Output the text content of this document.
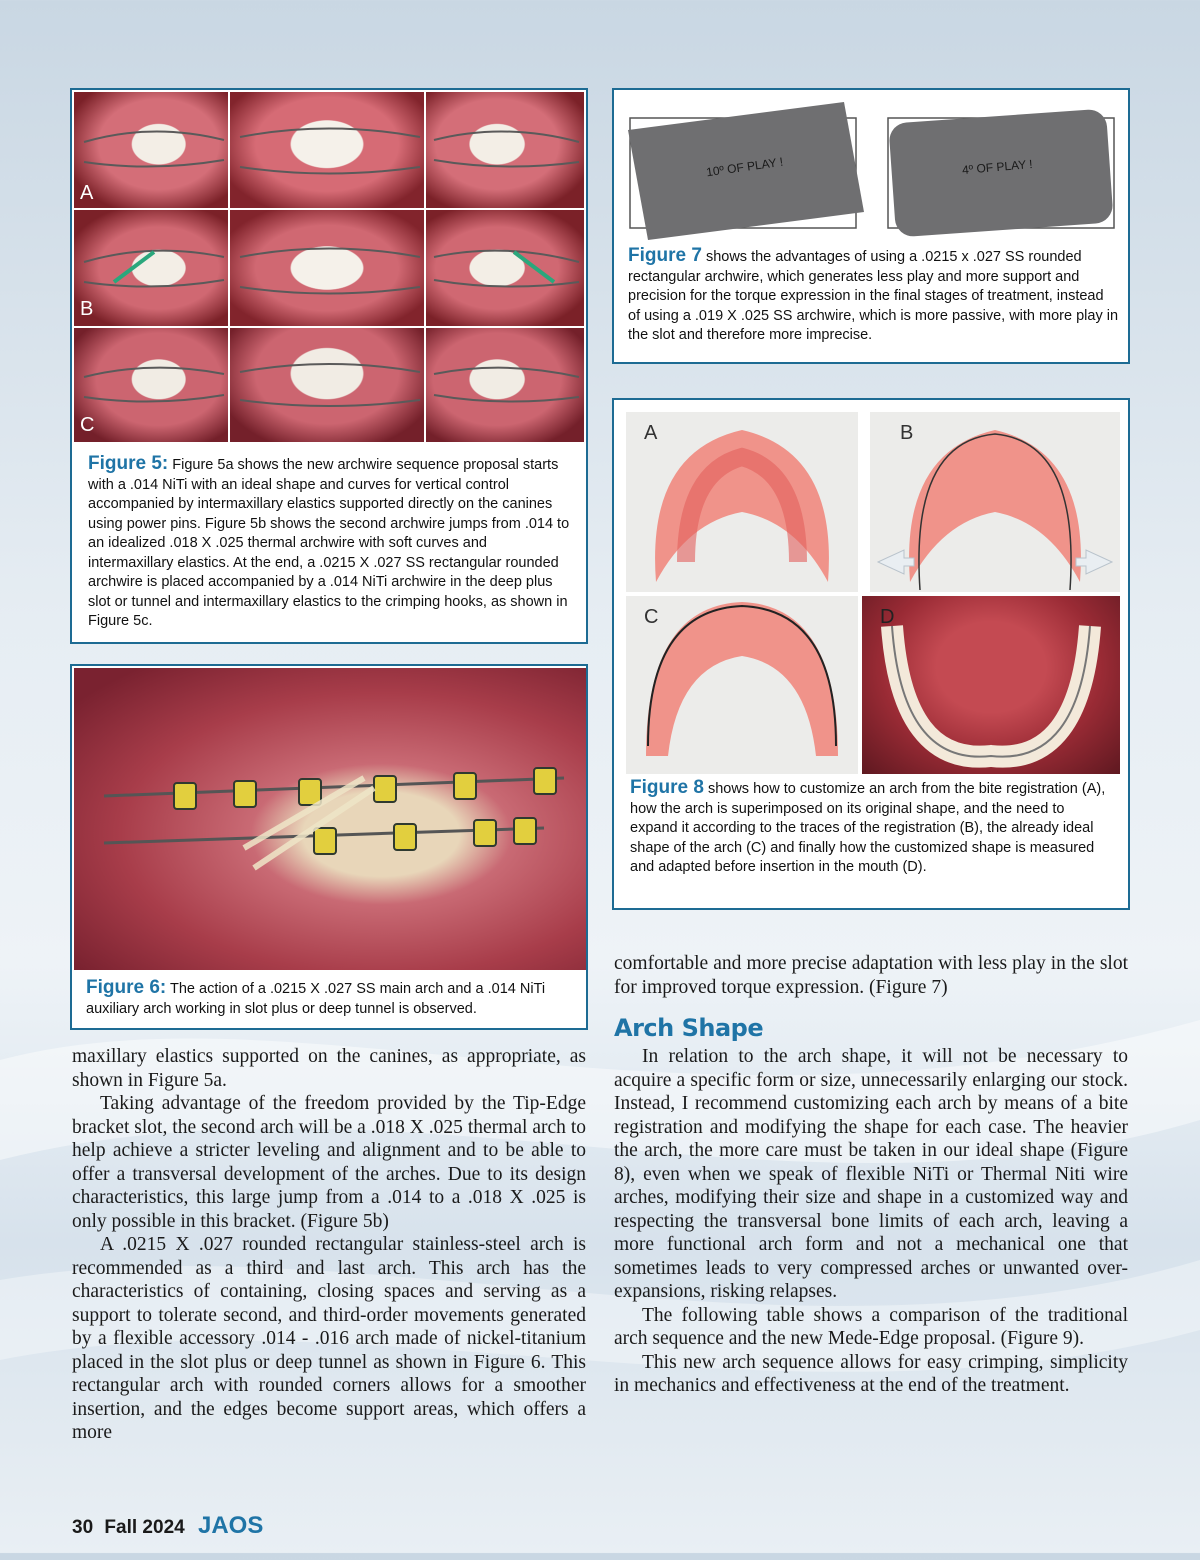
A
B
C
Figure 5: Figure 5a shows the new archwire sequence proposal starts with a .014 NiTi with an ideal shape and curves for vertical control accompanied by intermaxillary elastics supported directly on the canines using power pins. Figure 5b shows the second archwire jumps from .014 to an idealized .018 X .025 thermal archwire with soft curves and intermaxillary elastics. At the end, a .0215 X .027 SS rectangular rounded archwire is placed accompanied by a .014 NiTi archwire in the deep plus slot or tunnel and intermaxillary elastics to the crimping hooks, as shown in Figure 5c.
Figure 6: The action of a .0215 X .027 SS main arch and a .014 NiTi auxiliary arch working in slot plus or deep tunnel is observed.
10º OF PLAY !	4º OF PLAY !
Figure 7 shows the advantages of using a .0215 x .027 SS rounded rectangular archwire, which generates less play and more support and precision for the torque expression in the final stages of treatment, instead of using a .019 X .025 SS archwire, which is more passive, with more play in the slot and therefore more imprecise.
A	B
C	D
Figure 8 shows how to customize an arch from the bite registration (A), how the arch is superimposed on its original shape, and the need to expand it according to the traces of the registration (B), the already ideal shape of the arch (C) and finally how the customized shape is measured and adapted before insertion in the mouth (D).

maxillary elastics supported on the canines, as appropriate, as shown in Figure 5a.

Taking advantage of the freedom provided by the Tip-Edge bracket slot, the second arch will be a .018 X .025 thermal arch to help achieve a stricter leveling and alignment and to be able to offer a transversal development of the arches. Due to its design characteristics, this large jump from a .014 to a .018 X .025 is only possible in this bracket. (Figure 5b)

A .0215 X .027 rounded rectangular stainless-steel arch is recommended as a third and last arch. This arch has the characteristics of containing, closing spaces and serving as a support to tolerate second, and third-order movements generated by a flexible accessory .014 - .016 arch made of nickel-titanium placed in the slot plus or deep tunnel as shown in Figure 6. This rectangular arch with rounded corners allows for a smoother insertion, and the edges become support areas, which offers a more

comfortable and more precise adaptation with less play in the slot for improved torque expression. (Figure 7)

Arch Shape

In relation to the arch shape, it will not be necessary to acquire a specific form or size, unnecessarily enlarging our stock. Instead, I recommend customizing each arch by means of a bite registration and modifying the shape for each case. The heavier the arch, the more care must be taken in our ideal shape (Figure 8), even when we speak of flexible NiTi or Thermal Niti wire arches, modifying their size and shape in a customized way and respecting the transversal bone limits of each arch, leaving a more functional arch form and not a mechanical one that sometimes leads to very compressed arches or unwanted over-expansions, risking relapses.

The following table shows a comparison of the traditional arch sequence and the new Mede-Edge proposal. (Figure 9).

This new arch sequence allows for easy crimping, simplicity in mechanics and effectiveness at the end of the treatment.

30 Fall 2024 JAOS
